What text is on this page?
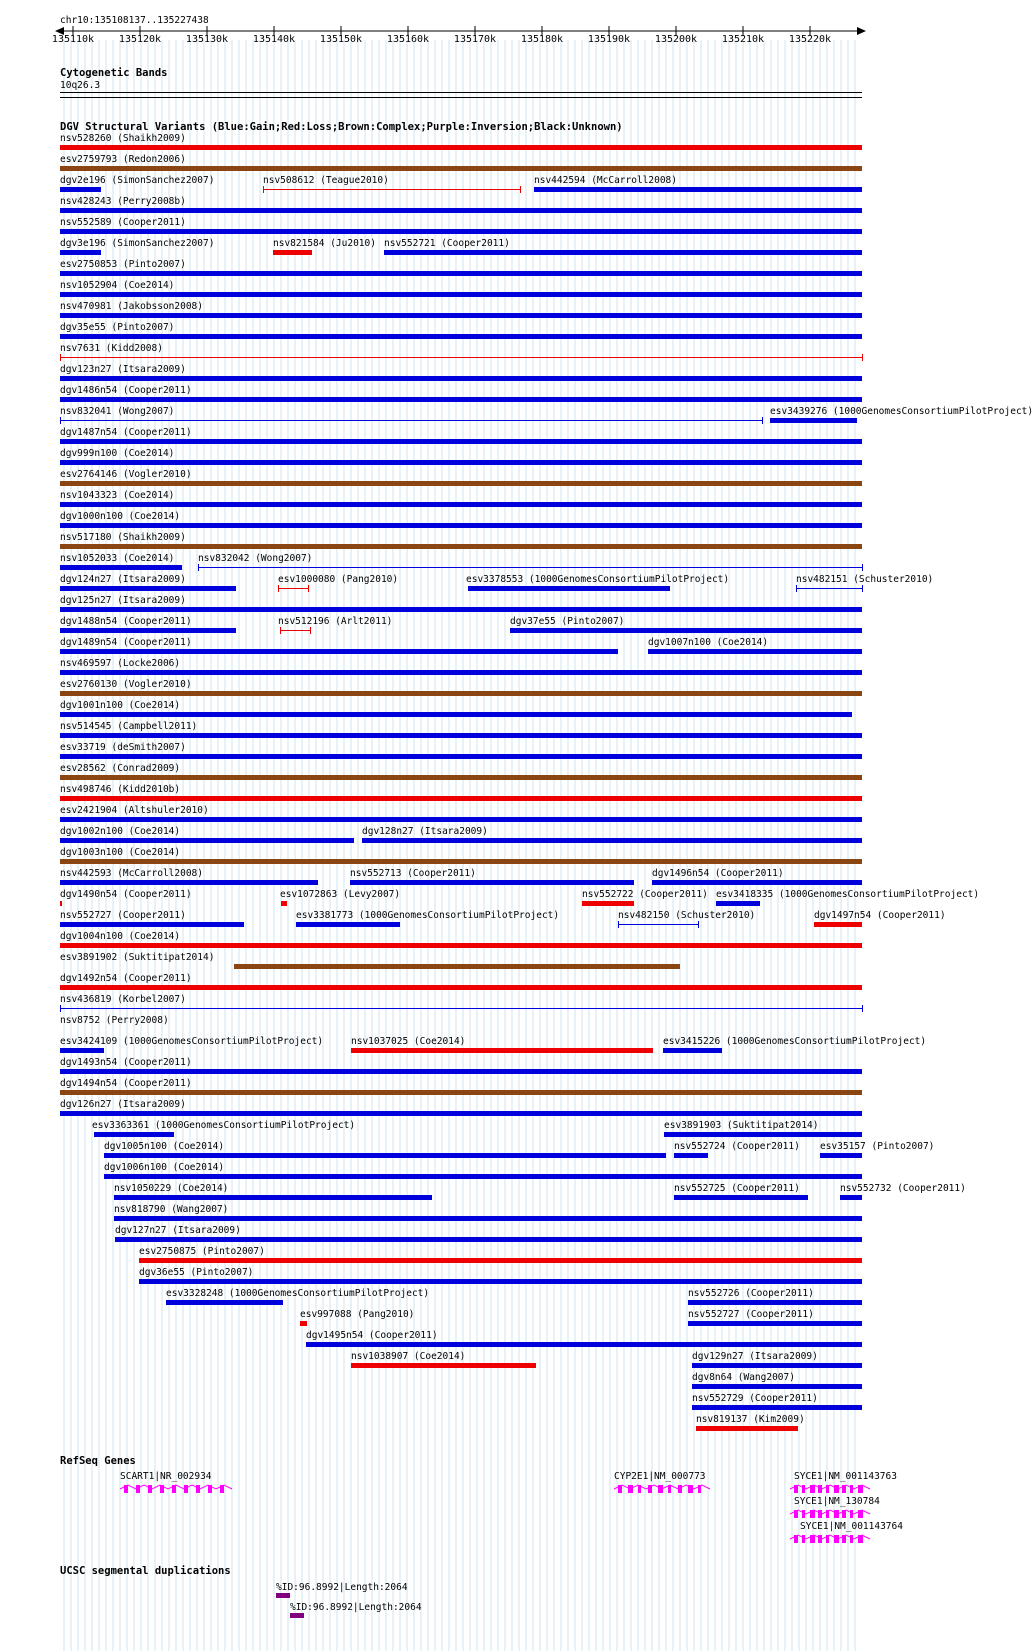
chr10:135108137..135227438
135110k 135120k 135130k 135140k 135150k 135160k 135170k 135180k 135190k 135200k 135210k 135220k
Cytogenetic Bands
10q26.3
DGV Structural Variants (Blue:Gain;Red:Loss;Brown:Complex;Purple:Inversion;Black:Unknown)
nsv528260 (Shaikh2009)
esv2759793 (Redon2006)
dgv2e196 (SimonSanchez2007)	nsv508612 (Teague2010)	nsv442594 (McCarroll2008)
nsv428243 (Perry2008b)
nsv552589 (Cooper2011)
dgv3e196 (SimonSanchez2007)	nsv821584 (Ju2010) nsv552721 (Cooper2011)
esv2750853 (Pinto2007)
nsv1052904 (Coe2014)
nsv470981 (Jakobsson2008)
dgv35e55 (Pinto2007)
nsv7631 (Kidd2008)
dgv123n27 (Itsara2009)
dgv1486n54 (Cooper2011)
nsv832041 (Wong2007)	esv3439276 (1000GenomesConsortiumPilotProject)
dgv1487n54 (Cooper2011)
dgv999n100 (Coe2014)
esv2764146 (Vogler2010)
nsv1043323 (Coe2014)
dgv1000n100 (Coe2014)
nsv517180 (Shaikh2009)
nsv1052033 (Coe2014) nsv832042 (Wong2007)
dgv124n27 (Itsara2009)	esv1000080 (Pang2010)	esv3378553 (1000GenomesConsortiumPilotProject)	nsv482151 (Schuster2010)
dgv125n27 (Itsara2009)
dgv1488n54 (Cooper2011)	nsv512196 (Arlt2011)	dgv37e55 (Pinto2007)
dgv1489n54 (Cooper2011)	dgv1007n100 (Coe2014)
nsv469597 (Locke2006)
esv2760130 (Vogler2010)
dgv1001n100 (Coe2014)
nsv514545 (Campbell2011)
esv33719 (deSmith2007)
esv28562 (Conrad2009)
nsv498746 (Kidd2010b)
esv2421904 (Altshuler2010)
dgv1002n100 (Coe2014)	dgv128n27 (Itsara2009)
dgv1003n100 (Coe2014)
nsv442593 (McCarroll2008)	nsv552713 (Cooper2011)	dgv1496n54 (Cooper2011)
dgv1490n54 (Cooper2011)	esv1072863 (Levy2007)	nsv552722 (Cooper2011) esv3418335 (1000GenomesConsortiumPilotProject)
nsv552727 (Cooper2011)	esv3381773 (1000GenomesConsortiumPilotProject)	nsv482150 (Schuster2010)	dgv1497n54 (Cooper2011)
dgv1004n100 (Coe2014)
esv3891902 (Suktitipat2014)
dgv1492n54 (Cooper2011)
nsv436819 (Korbel2007)
nsv8752 (Perry2008)
esv3424109 (1000GenomesConsortiumPilotProject)	nsv1037025 (Coe2014)	esv3415226 (1000GenomesConsortiumPilotProject)
dgv1493n54 (Cooper2011)
dgv1494n54 (Cooper2011)
dgv126n27 (Itsara2009)
esv3363361 (1000GenomesConsortiumPilotProject)	esv3891903 (Suktitipat2014)
dgv1005n100 (Coe2014)	nsv552724 (Cooper2011) esv35157 (Pinto2007)
dgv1006n100 (Coe2014)
nsv1050229 (Coe2014)	nsv552725 (Cooper2011)	nsv552732 (Cooper2011)
nsv818790 (Wang2007)
dgv127n27 (Itsara2009)
esv2750875 (Pinto2007)
dgv36e55 (Pinto2007)
esv3328248 (1000GenomesConsortiumPilotProject)	nsv552726 (Cooper2011)
esv997088 (Pang2010)	nsv552727 (Cooper2011)
dgv1495n54 (Cooper2011)
nsv1038907 (Coe2014)	dgv129n27 (Itsara2009)
dgv8n64 (Wang2007)
nsv552729 (Cooper2011)
nsv819137 (Kim2009)
RefSeq Genes
SCART1|NR_002934	CYP2E1|NM_000773	SYCE1|NM_001143763
SYCE1|NM_130784
SYCE1|NM_001143764
UCSC segmental duplications
%ID:96.8992|Length:2064
%ID:96.8992|Length:2064
